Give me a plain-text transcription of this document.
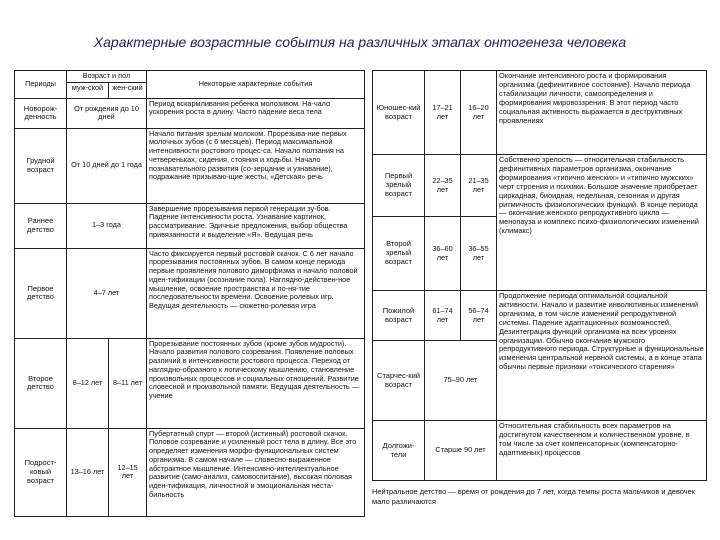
Характерные возрастные события на различных этапах онтогенеза человека
Периоды	Возраст и пол		Некоторые характерные события
	муж-ской	жен-ский	
Новорож-денность	От рождения до 10 дней		Период вскармливания ребенка молозивом. На-чало ускорения роста в длину. Часто падение веса тела
Грудной возраст	От 10 дней до 1 года		Начало питания зрелым молоком. Прорезыва-ние первых молочных зубов (с 6 месяцев). Период максимальной интенсивности ростового процес-са. Начало ползания на четвереньках, сидения, стояния и ходьбы. Начало познавательного развития (со-зерцание и узнавание), подражание призываю-щие жесты, «Детская» речь
Раннее детство	1–3 года		Завершение прорезывания первой генерации зу-бов. Падение интенсивности роста. Узнавание картинок, рассматривание. Эдичные предложения, выбор общества привязанности и выделение «Я». Ведущая речь
Первое детство	4–7 лет		Часто фиксируется первый ростовой скачок. С 6 лет начало прорезывания постоянных зубов. В самом конце периода первые проявления полового диморфизма и начало половой иден-тификации (осознание пола). Наглядно-действен-ное мышление, освоение пространства и по-ня-тие последовательности времени. Освоение ролевых игр. Ведущая деятельность — сюжетно-ролевая игра
Второе детство	8–12 лет	8–11 лет	Прорезывание постоянных зубов (кроме зубов мудрости). Начало развития полового созревания. Появление половых различий в интенсивности ростового процесса. Переход от наглядно-образного к логическому мышлению, становление произвольных процессов и социальных отношений. Развитие словесной и произвольной памяти. Ведущая деятельность — учение
Подрост-ковый возраст	13–16 лет	12–15 лет	Пубертатный спурт — второй (истинный) ростовой скачок. Половое созревание и усиленный рост тела в длину. Все это определяет изменения морфо-функциональных систем организма. В самом начале — словесно-выраженное абстрактное мышление. Интенсивно-интеллектуальное развитие (само-анализ, самовоспитание), высокая половая иден-тификация, личностной и эмоциональная неста-бильность
Юношес-кий возраст	17–21 лет	16–20 лет	Окончание интенсивного роста и формирования организма (дефинитивное состояние). Начало периода стабилизации личности, самоопределения и формирования мировоззрения. В этот период часто социальная активность выражается в деструктивных проявлениях
Первый зрелый возраст	22–35 лет	21–35 лет	Собственно зрелость — относительная стабильность дефинитивных параметров организма, окончание формирования «типично женских» и «типично мужских» черт строения и психики. Большое значение приобретает циркадная, биоидная, недельная, сезонная и другая ритмичность физиологических функций. В конце периода — окончание женского репродуктивного цикла — менопауза и комплекс психо-физиологических изменений (климакс)
Второй зрелый возраст	36–60 лет	36–55 лет	
Пожилой возраст	61–74 лет	56–74 лет	Продолжение периода оптимальной социальной активности. Начало и развитие инволютивных изменений организма, в том числе изменений репродуктивной системы. Падение адаптационных возможностей. Дезинтеграция функций организма на всех уровнях организации. Обычно окончание мужского репродуктивного периода. Структурные и функциональные изменения центральной нервной системы, а в конце этапа обычны первые признаки «токсического старения»
Старчес-кий возраст	75–90 лет		
Долгожи-тели	Старше 90 лет		Относительная стабильность всех параметров на достигнутом качественном и количественном уровне, в том числе за счет компенсаторных (компенсаторно-адаптивных) процессов
Нейтральное детство — время от рождения до 7 лет, когда темпы роста мальчиков и девочек мало различаются
